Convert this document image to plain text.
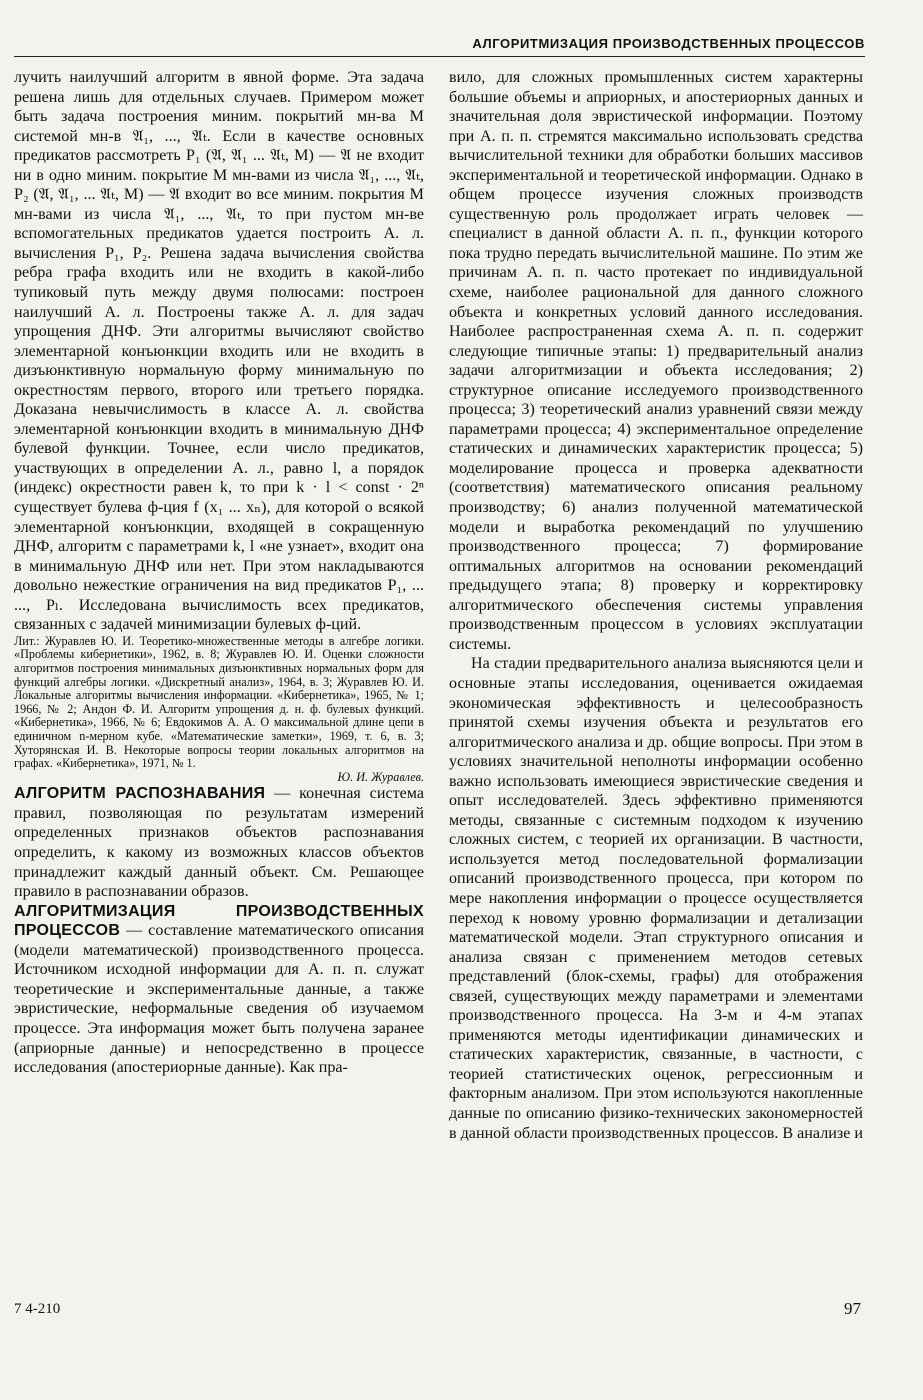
АЛГОРИТМИЗАЦИЯ ПРОИЗВОДСТВЕННЫХ ПРОЦЕССОВ

лучить наилучший алгоритм в явной форме. Эта задача решена лишь для отдельных случаев. Примером может быть задача построения миним. покрытий мн-ва M системой мн-в 𝔄₁, ..., 𝔄ₜ. Если в качестве основных предикатов рассмотреть P₁ (𝔄, 𝔄₁ ... 𝔄ₜ, M) — 𝔄 не входит ни в одно миним. покрытие M мн-вами из числа 𝔄₁, ..., 𝔄ₜ, P₂ (𝔄, 𝔄₁, ... 𝔄ₜ, M) — 𝔄 входит во все миним. покрытия M мн-вами из числа 𝔄₁, ..., 𝔄ₜ, то при пустом мн-ве вспомогательных предикатов удается построить А. л. вычисления P₁, P₂. Решена задача вычисления свойства ребра графа входить или не входить в какой-либо тупиковый путь между двумя полюсами: построен наилучший А. л. Построены также А. л. для задач упрощения ДНФ. Эти алгоритмы вычисляют свойство элементарной конъюнкции входить или не входить в дизъюнктивную нормальную форму минимальную по окрестностям первого, второго или третьего порядка. Доказана невычислимость в классе А. л. свойства элементарной конъюнкции входить в минимальную ДНФ булевой функции. Точнее, если число предикатов, участвующих в определении А. л., равно l, а порядок (индекс) окрестности равен k, то при k · l < const · 2ⁿ существует булева ф-ция f (x₁ ... xₙ), для которой о всякой элементарной конъюнкции, входящей в сокращенную ДНФ, алгоритм с параметрами k, l «не узнает», входит она в минимальную ДНФ или нет. При этом накладываются довольно нежесткие ограничения на вид предикатов P₁, ... ..., Pₗ. Исследована вычислимость всех предикатов, связанных с задачей минимизации булевых ф-ций.

Лит.: Журавлев Ю. И. Теоретико-множественные методы в алгебре логики. «Проблемы кибернетики», 1962, в. 8; Журавлев Ю. И. Оценки сложности алгоритмов построения минимальных дизъюнктивных нормальных форм для функций алгебры логики. «Дискретный анализ», 1964, в. 3; Журавлев Ю. И. Локальные алгоритмы вычисления информации. «Кибернетика», 1965, № 1; 1966, № 2; Андон Ф. И. Алгоритм упрощения д. н. ф. булевых функций. «Кибернетика», 1966, № 6; Евдокимов А. А. О максимальной длине цепи в единичном n-мерном кубе. «Математические заметки», 1969, т. 6, в. 3; Хуторянская И. В. Некоторые вопросы теории локальных алгоритмов на графах. «Кибернетика», 1971, № 1.
Ю. И. Журавлев.

АЛГОРИТМ РАСПОЗНАВАНИЯ — конечная система правил, позволяющая по результатам измерений определенных признаков объектов распознавания определить, к какому из возможных классов объектов принадлежит каждый данный объект. См. Решающее правило в распознавании образов.

АЛГОРИТМИЗАЦИЯ ПРОИЗВОДСТВЕННЫХ ПРОЦЕССОВ — составление математического описания (модели математической) производственного процесса. Источником исходной информации для А. п. п. служат теоретические и экспериментальные данные, а также эвристические, неформальные сведения об изучаемом процессе. Эта информация может быть получена заранее (априорные данные) и непосредственно в процессе исследования (апостериорные данные). Как пра-

вило, для сложных промышленных систем характерны большие объемы и априорных, и апостериорных данных и значительная доля эвристической информации. Поэтому при А. п. п. стремятся максимально использовать средства вычислительной техники для обработки больших массивов экспериментальной и теоретической информации. Однако в общем процессе изучения сложных производств существенную роль продолжает играть человек — специалист в данной области А. п. п., функции которого пока трудно передать вычислительной машине. По этим же причинам А. п. п. часто протекает по индивидуальной схеме, наиболее рациональной для данного сложного объекта и конкретных условий данного исследования. Наиболее распространенная схема А. п. п. содержит следующие типичные этапы: 1) предварительный анализ задачи алгоритмизации и объекта исследования; 2) структурное описание исследуемого производственного процесса; 3) теоретический анализ уравнений связи между параметрами процесса; 4) экспериментальное определение статических и динамических характеристик процесса; 5) моделирование процесса и проверка адекватности (соответствия) математического описания реальному производству; 6) анализ полученной математической модели и выработка рекомендаций по улучшению производственного процесса; 7) формирование оптимальных алгоритмов на основании рекомендаций предыдущего этапа; 8) проверку и корректировку алгоритмического обеспечения системы управления производственным процессом в условиях эксплуатации системы.

На стадии предварительного анализа выясняются цели и основные этапы исследования, оценивается ожидаемая экономическая эффективность и целесообразность принятой схемы изучения объекта и результатов его алгоритмического анализа и др. общие вопросы. При этом в условиях значительной неполноты информации особенно важно использовать имеющиеся эвристические сведения и опыт исследователей. Здесь эффективно применяются методы, связанные с системным подходом к изучению сложных систем, с теорией их организации. В частности, используется метод последовательной формализации описаний производственного процесса, при котором по мере накопления информации о процессе осуществляется переход к новому уровню формализации и детализации математической модели. Этап структурного описания и анализа связан с применением методов сетевых представлений (блок-схемы, графы) для отображения связей, существующих между параметрами и элементами производственного процесса. На 3-м и 4-м этапах применяются методы идентификации динамических и статических характеристик, связанные, в частности, с теорией статистических оценок, регрессионным и факторным анализом. При этом используются накопленные данные по описанию физико-технических закономерностей в данной области производственных процессов. В анализе и

7 4-210	97
